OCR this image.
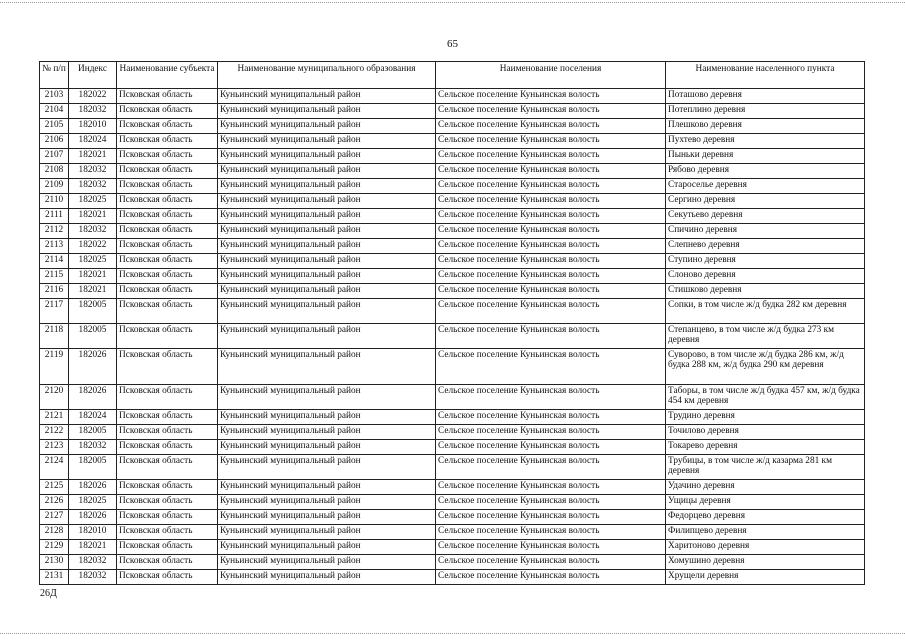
65
№ п/п	Индекс	Наименование субъекта	Наименование муниципального образования	Наименование поселения	Наименование населенного пункта
2103	182022	Псковская область	Куньинский муниципальный район	Сельское поселение Куньинская волость	Поташово деревня
2104	182032	Псковская область	Куньинский муниципальный район	Сельское поселение Куньинская волость	Потеплино деревня
2105	182010	Псковская область	Куньинский муниципальный район	Сельское поселение Куньинская волость	Плешково деревня
2106	182024	Псковская область	Куньинский муниципальный район	Сельское поселение Куньинская волость	Пухтево деревня
2107	182021	Псковская область	Куньинский муниципальный район	Сельское поселение Куньинская волость	Пыньки деревня
2108	182032	Псковская область	Куньинский муниципальный район	Сельское поселение Куньинская волость	Рябово деревня
2109	182032	Псковская область	Куньинский муниципальный район	Сельское поселение Куньинская волость	Староселье деревня
2110	182025	Псковская область	Куньинский муниципальный район	Сельское поселение Куньинская волость	Сергино деревня
2111	182021	Псковская область	Куньинский муниципальный район	Сельское поселение Куньинская волость	Секутьево деревня
2112	182032	Псковская область	Куньинский муниципальный район	Сельское поселение Куньинская волость	Спичино деревня
2113	182022	Псковская область	Куньинский муниципальный район	Сельское поселение Куньинская волость	Слепнево деревня
2114	182025	Псковская область	Куньинский муниципальный район	Сельское поселение Куньинская волость	Ступино деревня
2115	182021	Псковская область	Куньинский муниципальный район	Сельское поселение Куньинская волость	Слоново деревня
2116	182021	Псковская область	Куньинский муниципальный район	Сельское поселение Куньинская волость	Стишково деревня
2117	182005	Псковская область	Куньинский муниципальный район	Сельское поселение Куньинская волость	Сопки, в том числе ж/д будка 282 км деревня
2118	182005	Псковская область	Куньинский муниципальный район	Сельское поселение Куньинская волость	Степанцево, в том числе ж/д будка 273 км деревня
2119	182026	Псковская область	Куньинский муниципальный район	Сельское поселение Куньинская волость	Суворово, в том числе ж/д будка 286 км, ж/д будка 288 км, ж/д будка 290 км деревня
2120	182026	Псковская область	Куньинский муниципальный район	Сельское поселение Куньинская волость	Таборы, в том числе ж/д будка 457 км, ж/д будка 454 км деревня
2121	182024	Псковская область	Куньинский муниципальный район	Сельское поселение Куньинская волость	Трудино деревня
2122	182005	Псковская область	Куньинский муниципальный район	Сельское поселение Куньинская волость	Точилово деревня
2123	182032	Псковская область	Куньинский муниципальный район	Сельское поселение Куньинская волость	Токарево деревня
2124	182005	Псковская область	Куньинский муниципальный район	Сельское поселение Куньинская волость	Трубицы, в том числе ж/д казарма 281 км деревня
2125	182026	Псковская область	Куньинский муниципальный район	Сельское поселение Куньинская волость	Удачино деревня
2126	182025	Псковская область	Куньинский муниципальный район	Сельское поселение Куньинская волость	Ущицы деревня
2127	182026	Псковская область	Куньинский муниципальный район	Сельское поселение Куньинская волость	Федорцево деревня
2128	182010	Псковская область	Куньинский муниципальный район	Сельское поселение Куньинская волость	Филипцево деревня
2129	182021	Псковская область	Куньинский муниципальный район	Сельское поселение Куньинская волость	Харитоново деревня
2130	182032	Псковская область	Куньинский муниципальный район	Сельское поселение Куньинская волость	Хомушино деревня
2131	182032	Псковская область	Куньинский муниципальный район	Сельское поселение Куньинская волость	Хрущели деревня
26Д
